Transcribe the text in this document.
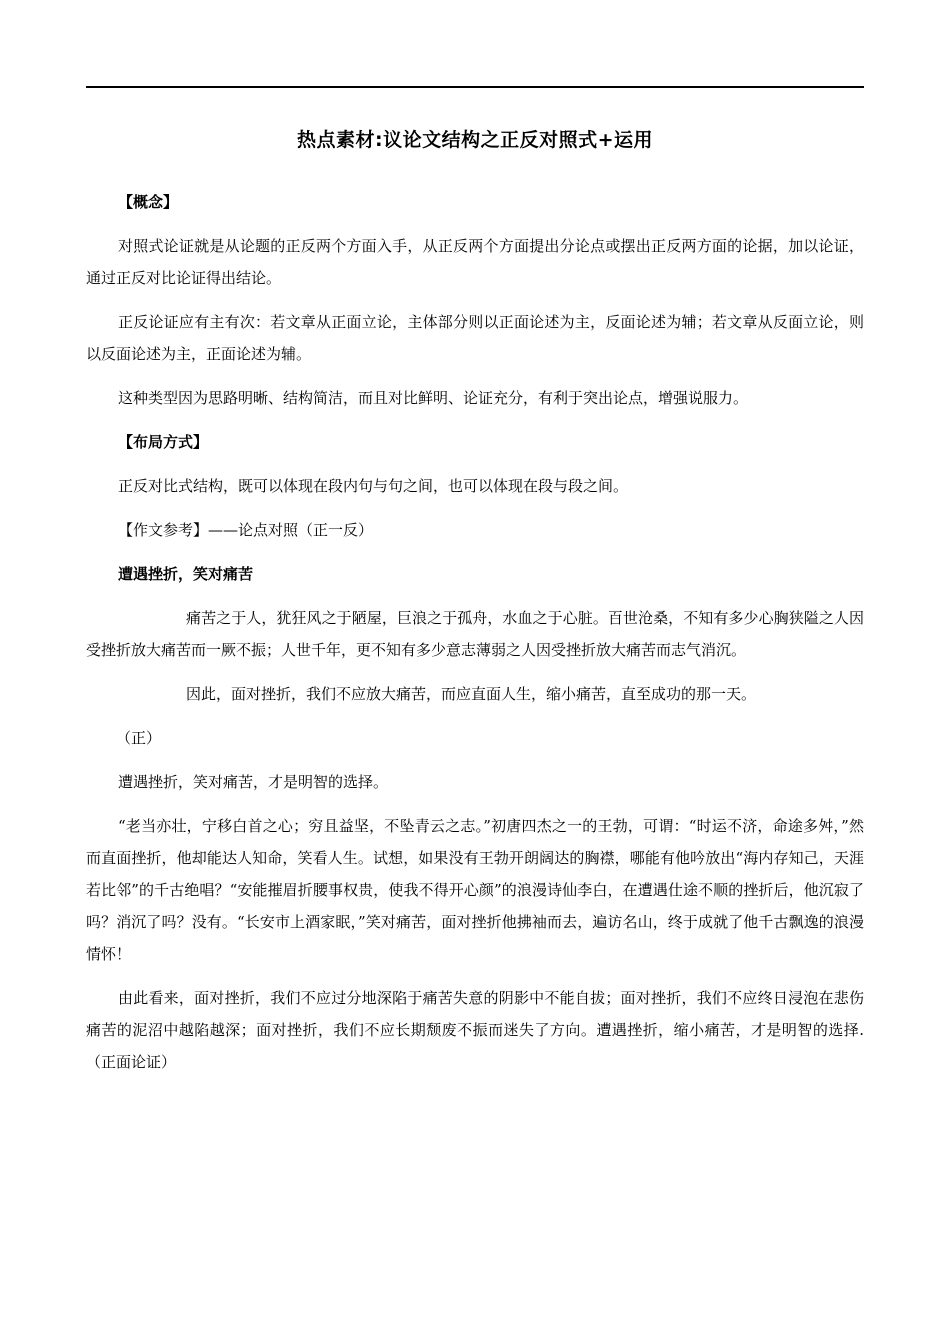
热点素材:议论文结构之正反对照式+运用

【概念】

对照式论证就是从论题的正反两个方面入手，从正反两个方面提出分论点或摆出正反两方面的论据，加以论证，通过正反对比论证得出结论。

正反论证应有主有次：若文章从正面立论，主体部分则以正面论述为主，反面论述为辅；若文章从反面立论，则以反面论述为主，正面论述为辅。

这种类型因为思路明晰、结构简洁，而且对比鲜明、论证充分，有利于突出论点，增强说服力。

【布局方式】

正反对比式结构，既可以体现在段内句与句之间，也可以体现在段与段之间。

【作文参考】——论点对照（正一反）

遭遇挫折，笑对痛苦

痛苦之于人，犹狂风之于陋屋，巨浪之于孤舟，水血之于心脏。百世沧桑，不知有多少心胸狭隘之人因受挫折放大痛苦而一厥不振；人世千年，更不知有多少意志薄弱之人因受挫折放大痛苦而志气消沉。

因此，面对挫折，我们不应放大痛苦，而应直面人生，缩小痛苦，直至成功的那一天。

（正）

遭遇挫折，笑对痛苦，才是明智的选择。

“老当亦壮，宁移白首之心；穷且益坚，不坠青云之志。”初唐四杰之一的王勃，可谓：“时运不济，命途多舛，”然而直面挫折，他却能达人知命，笑看人生。试想，如果没有王勃开朗阔达的胸襟，哪能有他吟放出“海内存知己，天涯若比邻”的千古绝唱？“安能摧眉折腰事权贵，使我不得开心颜”的浪漫诗仙李白，在遭遇仕途不顺的挫折后，他沉寂了吗？消沉了吗？没有。“长安市上酒家眠，”笑对痛苦，面对挫折他拂袖而去，遍访名山，终于成就了他千古飘逸的浪漫情怀！

由此看来，面对挫折，我们不应过分地深陷于痛苦失意的阴影中不能自拔；面对挫折，我们不应终日浸泡在悲伤痛苦的泥沼中越陷越深；面对挫折，我们不应长期颓废不振而迷失了方向。遭遇挫折，缩小痛苦，才是明智的选择.（正面论证）
